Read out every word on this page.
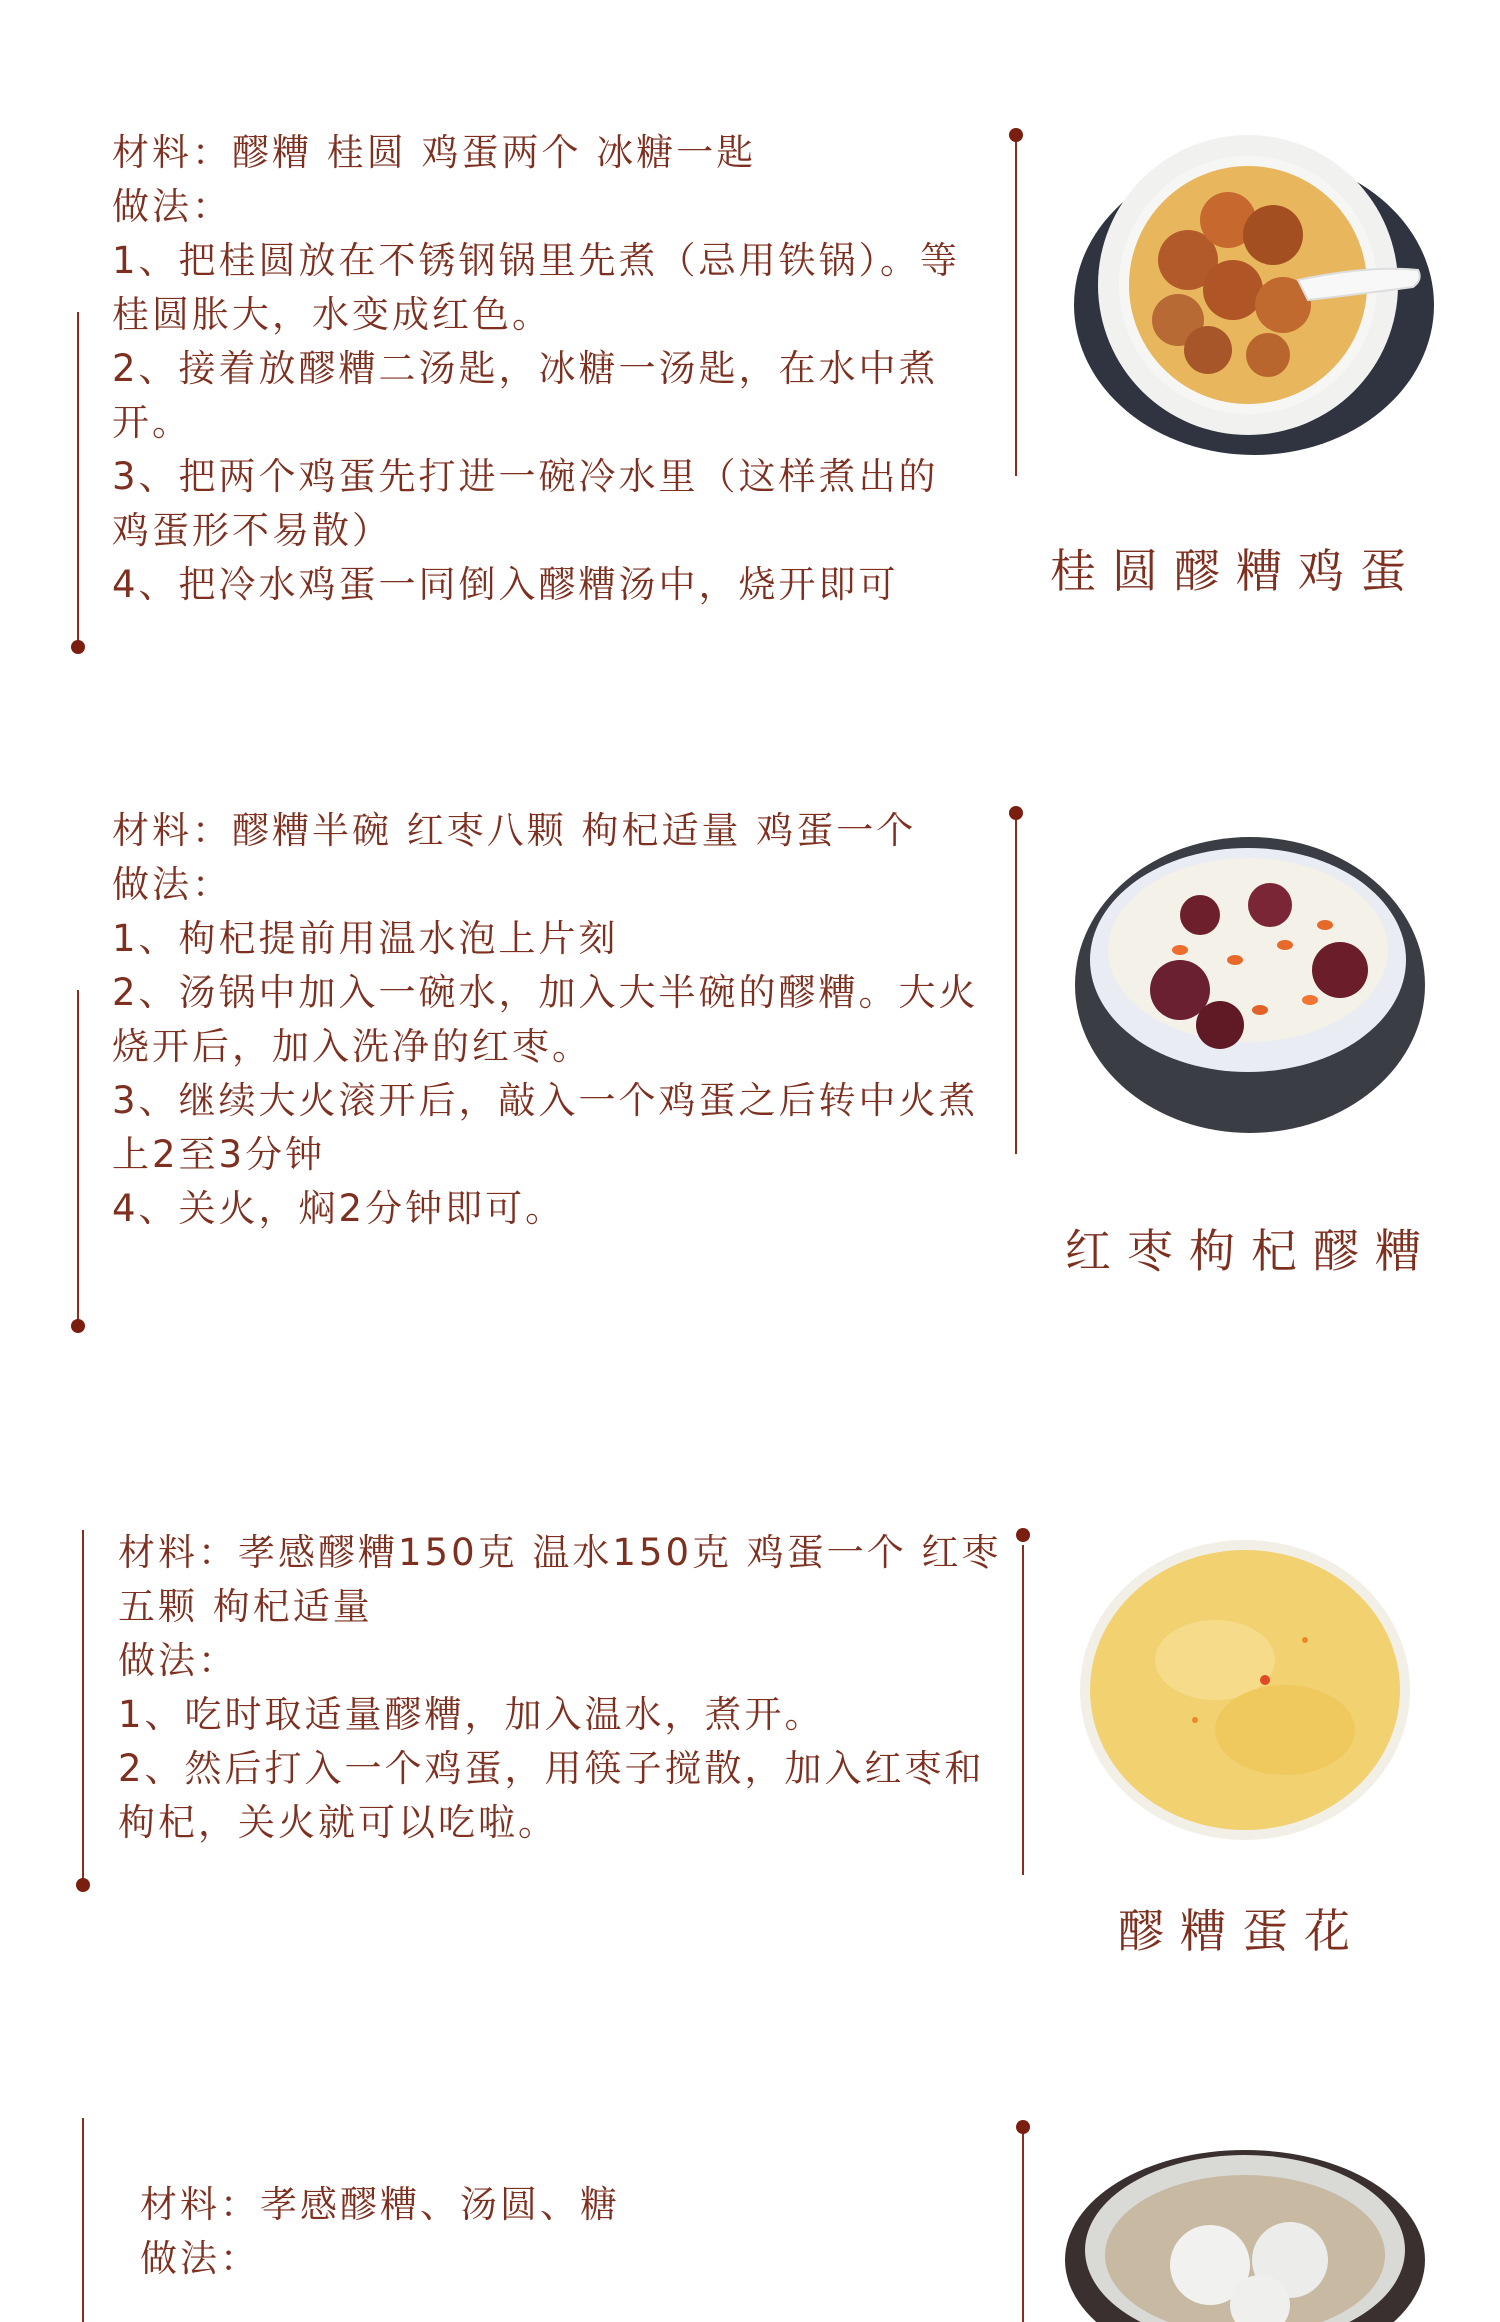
材料：醪糟 桂圆 鸡蛋两个 冰糖一匙

做法：

1、把桂圆放在不锈钢锅里先煮（忌用铁锅）。等桂圆胀大，水变成红色。

2、接着放醪糟二汤匙，冰糖一汤匙，在水中煮开。

3、把两个鸡蛋先打进一碗冷水里（这样煮出的鸡蛋形不易散）

4、把冷水鸡蛋一同倒入醪糟汤中，烧开即可	桂圆醪糟鸡蛋

材料：醪糟半碗 红枣八颗 枸杞适量 鸡蛋一个

做法：

1、枸杞提前用温水泡上片刻

2、汤锅中加入一碗水，加入大半碗的醪糟。大火烧开后，加入洗净的红枣。

3、继续大火滚开后，敲入一个鸡蛋之后转中火煮上2至3分钟

4、关火，焖2分钟即可。

红枣枸杞醪糟

材料：孝感醪糟150克 温水150克 鸡蛋一个 红枣五颗 枸杞适量

做法：

1、吃时取适量醪糟，加入温水，煮开。

2、然后打入一个鸡蛋，用筷子搅散，加入红枣和枸杞，关火就可以吃啦。

醪糟蛋花

材料：孝感醪糟、汤圆、糖

做法：
